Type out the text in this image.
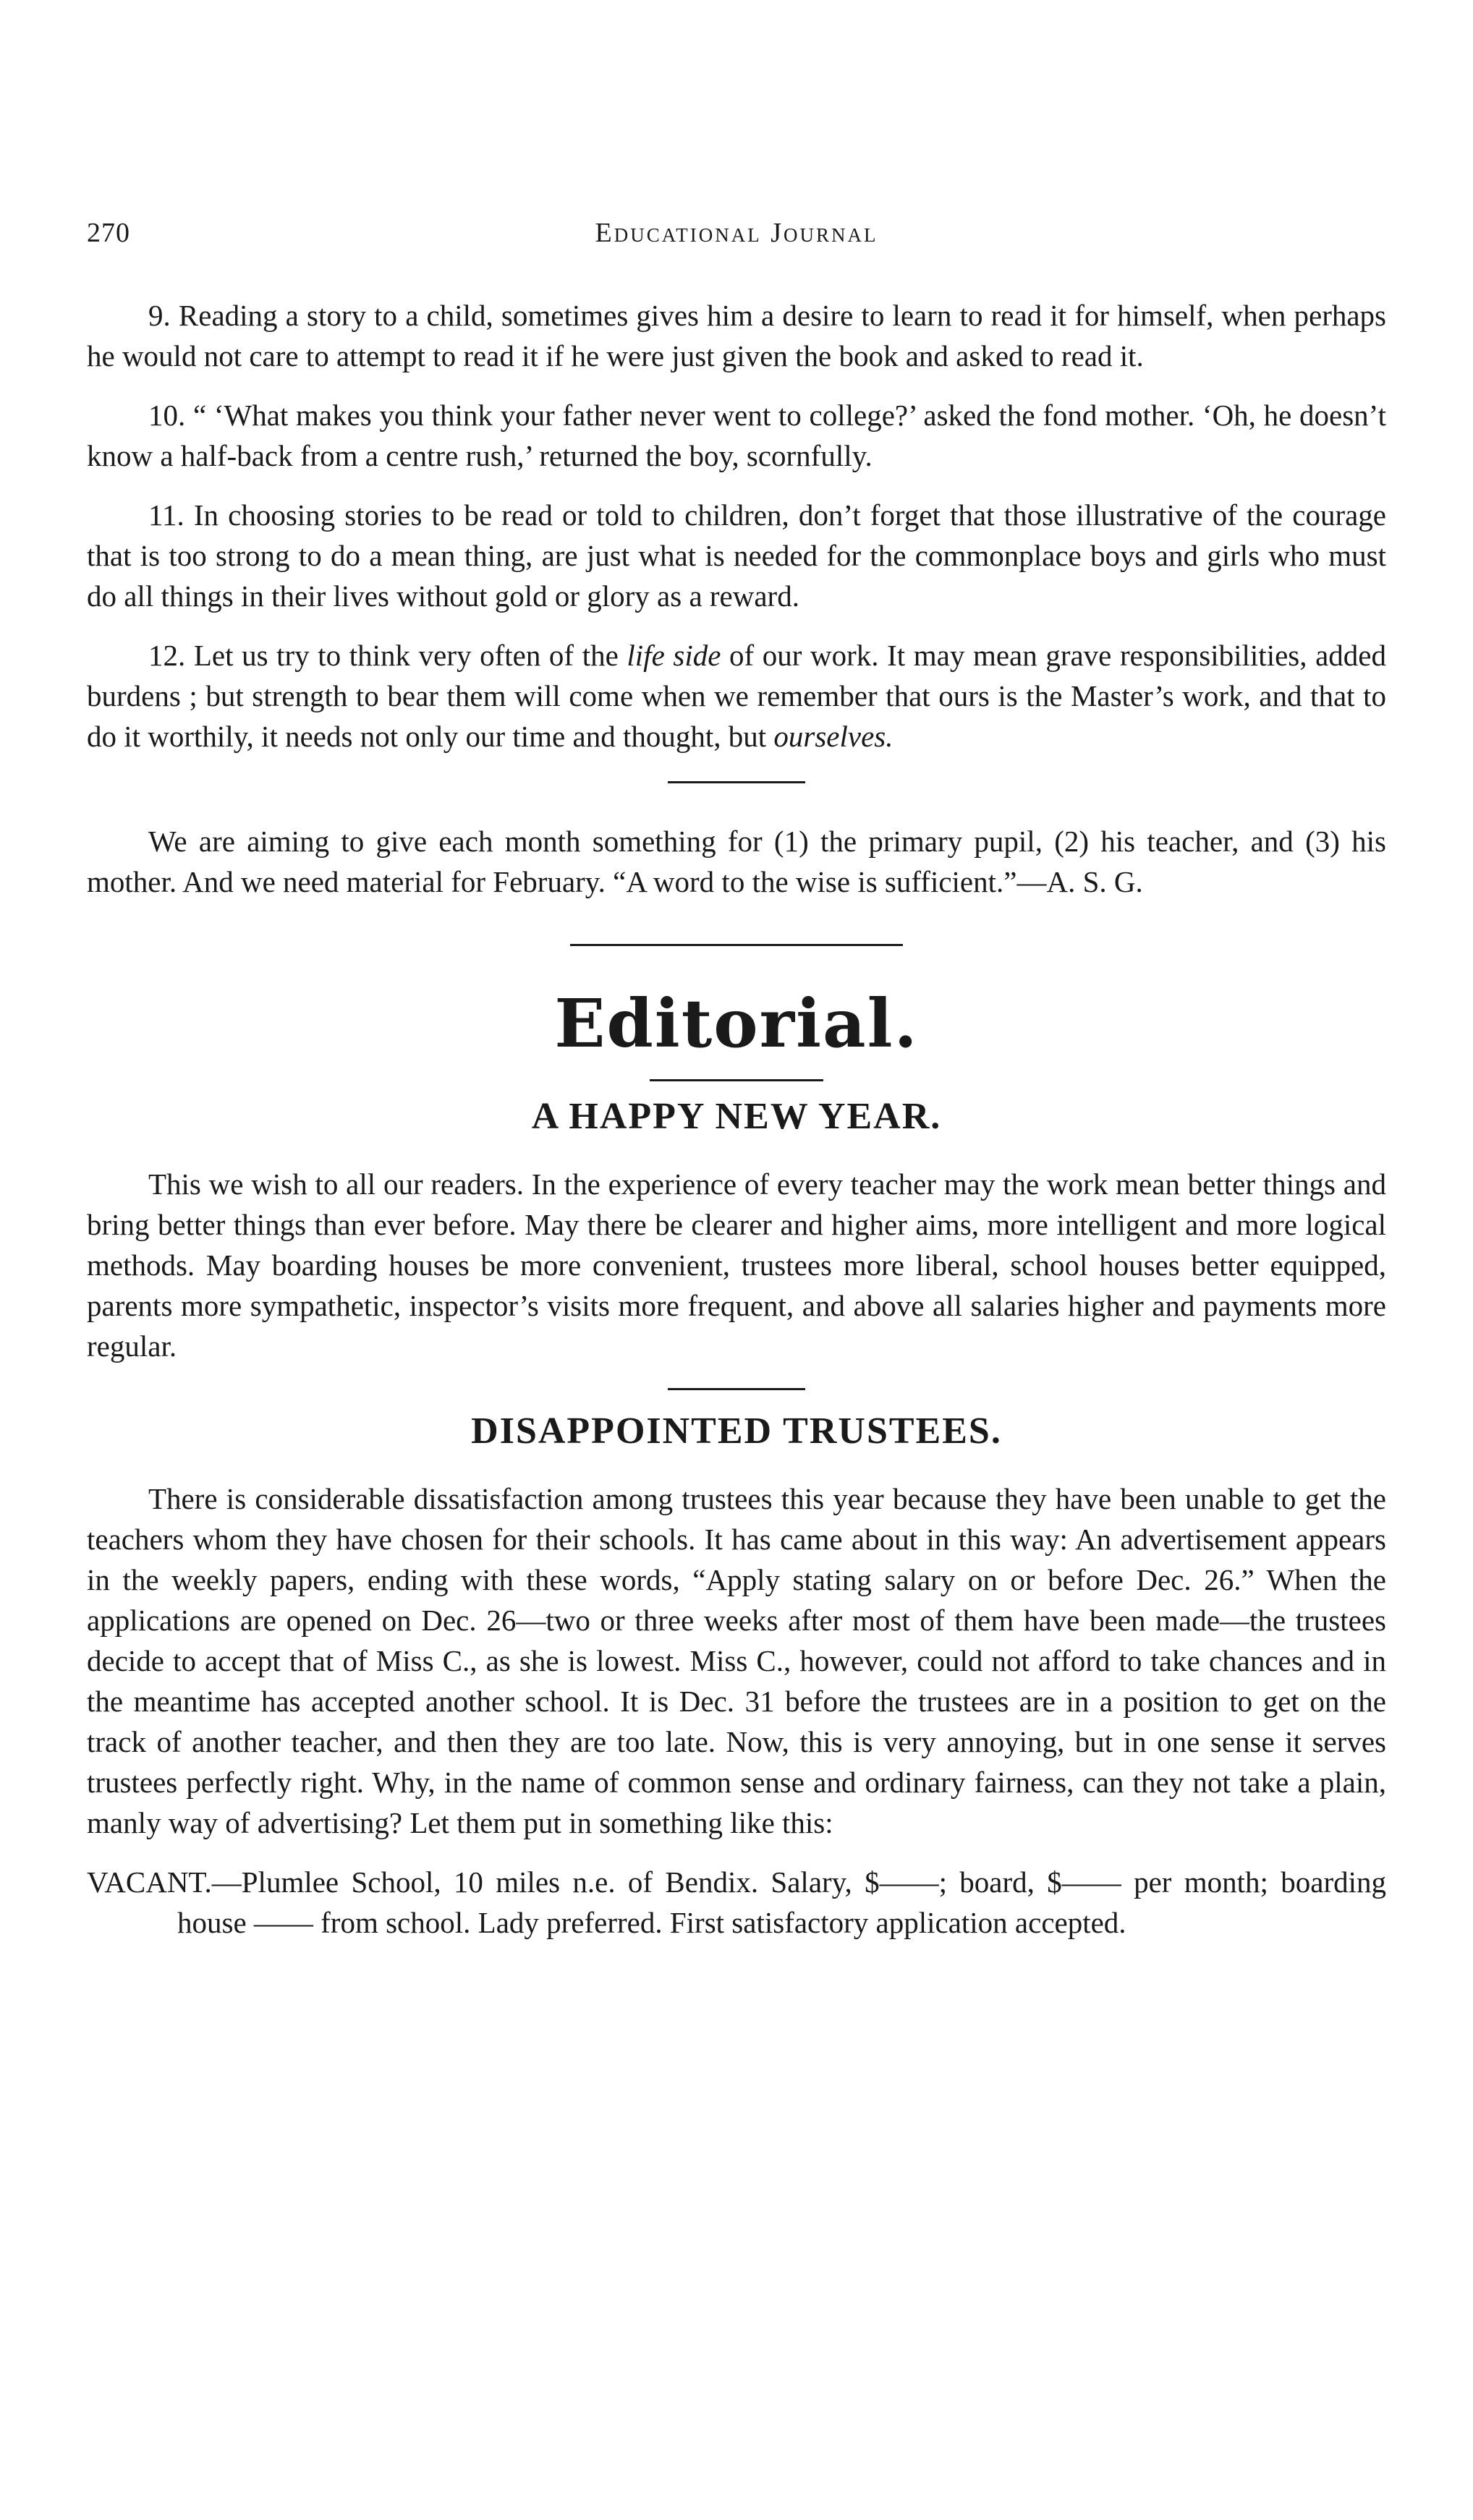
270	Educational Journal

9. Reading a story to a child, sometimes gives him a desire to learn to read it for himself, when perhaps he would not care to attempt to read it if he were just given the book and asked to read it.

10. “ ‘What makes you think your father never went to college?’ asked the fond mother. ‘Oh, he doesn’t know a half-back from a centre rush,’ returned the boy, scornfully.

11. In choosing stories to be read or told to children, don’t forget that those illustrative of the courage that is too strong to do a mean thing, are just what is needed for the commonplace boys and girls who must do all things in their lives without gold or glory as a reward.

12. Let us try to think very often of the life side of our work. It may mean grave responsibilities, added burdens ; but strength to bear them will come when we remember that ours is the Master’s work, and that to do it worthily, it needs not only our time and thought, but ourselves.

We are aiming to give each month something for (1) the primary pupil, (2) his teacher, and (3) his mother. And we need material for February. “A word to the wise is sufficient.”—A. S. G.

Editorial.
A HAPPY NEW YEAR.

This we wish to all our readers. In the experience of every teacher may the work mean better things and bring better things than ever before. May there be clearer and higher aims, more intelligent and more logical methods. May boarding houses be more convenient, trustees more liberal, school houses better equipped, parents more sympathetic, inspector’s visits more frequent, and above all salaries higher and payments more regular.

DISAPPOINTED TRUSTEES.

There is considerable dissatisfaction among trustees this year because they have been unable to get the teachers whom they have chosen for their schools. It has came about in this way: An advertisement appears in the weekly papers, ending with these words, “Apply stating salary on or before Dec. 26.” When the applications are opened on Dec. 26—two or three weeks after most of them have been made—the trustees decide to accept that of Miss C., as she is lowest. Miss C., however, could not afford to take chances and in the meantime has accepted another school. It is Dec. 31 before the trustees are in a position to get on the track of another teacher, and then they are too late. Now, this is very annoying, but in one sense it serves trustees perfectly right. Why, in the name of common sense and ordinary fairness, can they not take a plain, manly way of advertising? Let them put in something like this:

VACANT.—Plumlee School, 10 miles n.e. of Bendix. Salary, $——; board, $—— per month; boarding house —— from school. Lady preferred. First satisfactory application accepted.
